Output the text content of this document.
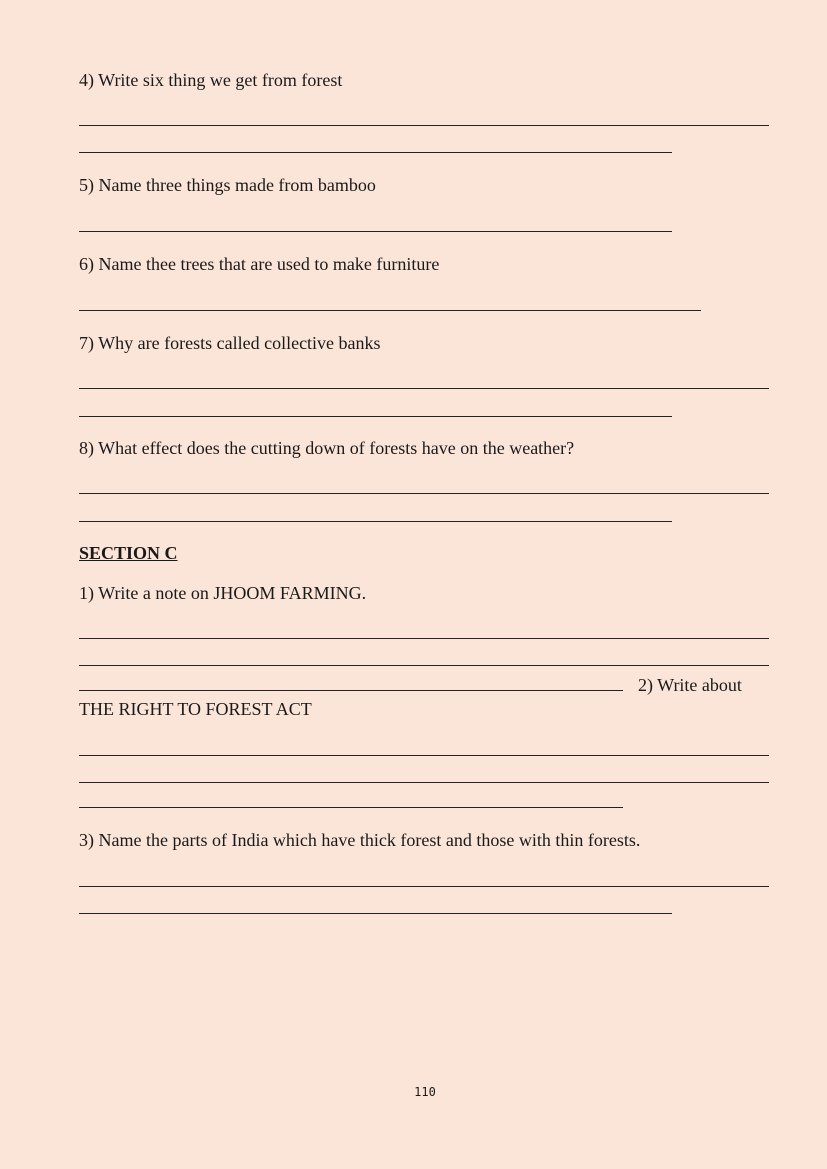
4) Write six thing we get from forest
5) Name three things made from bamboo
6) Name thee trees that are used to make furniture
7) Why are forests called collective banks
8) What effect does the cutting down of forests have on the weather?
SECTION C
1) Write a note on JHOOM FARMING.
2) Write about
THE RIGHT TO FOREST ACT
3) Name the parts of India which have thick forest and those with thin forests.
110
